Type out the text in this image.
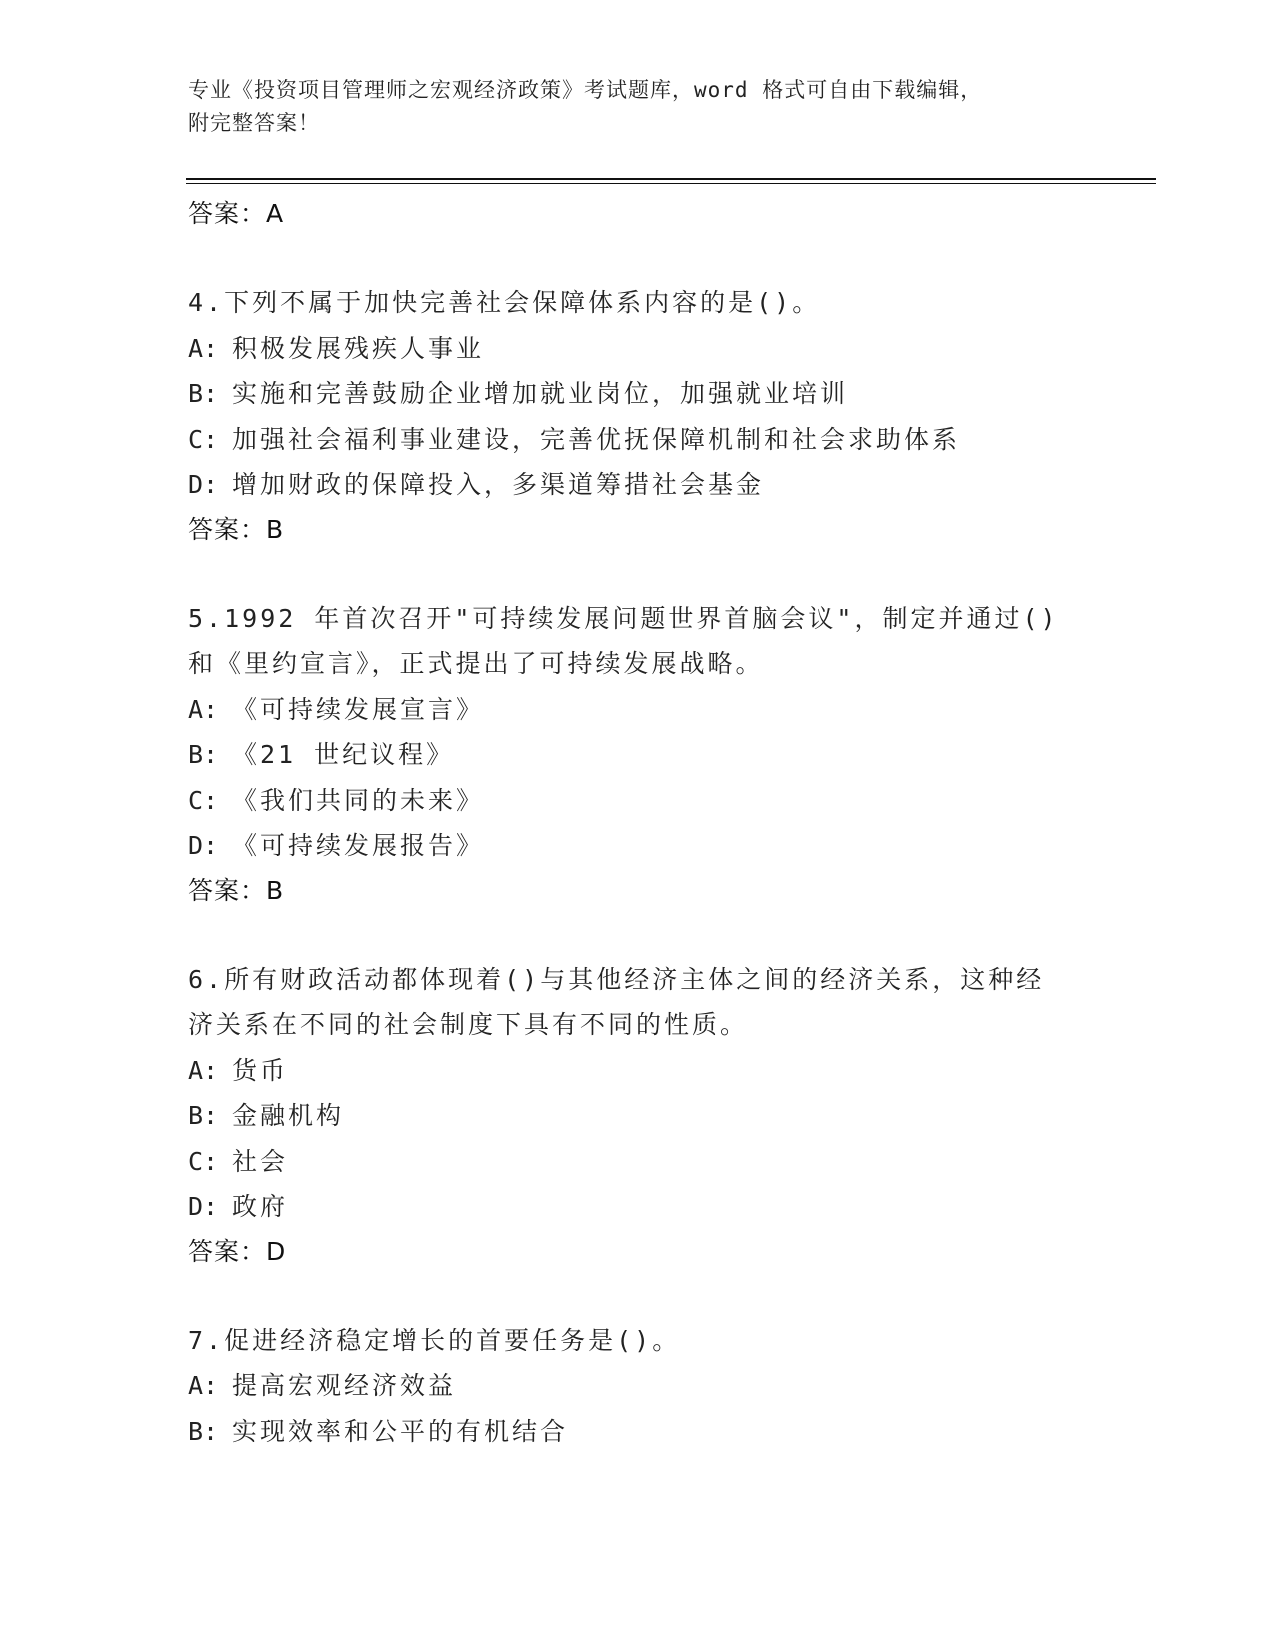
专业《投资项目管理师之宏观经济政策》考试题库，word 格式可自由下载编辑，
附完整答案！
答案：A
4.下列不属于加快完善社会保障体系内容的是()。
A: 积极发展残疾人事业
B: 实施和完善鼓励企业增加就业岗位，加强就业培训
C: 加强社会福利事业建设，完善优抚保障机制和社会求助体系
D: 增加财政的保障投入，多渠道筹措社会基金
答案：B
5.1992 年首次召开"可持续发展问题世界首脑会议"，制定并通过()和《里约宣言》，正式提出了可持续发展战略。
A: 《可持续发展宣言》
B: 《21 世纪议程》
C: 《我们共同的未来》
D: 《可持续发展报告》
答案：B
6.所有财政活动都体现着()与其他经济主体之间的经济关系，这种经济关系在不同的社会制度下具有不同的性质。
A: 货币
B: 金融机构
C: 社会
D: 政府
答案：D
7.促进经济稳定增长的首要任务是()。
A: 提高宏观经济效益
B: 实现效率和公平的有机结合
